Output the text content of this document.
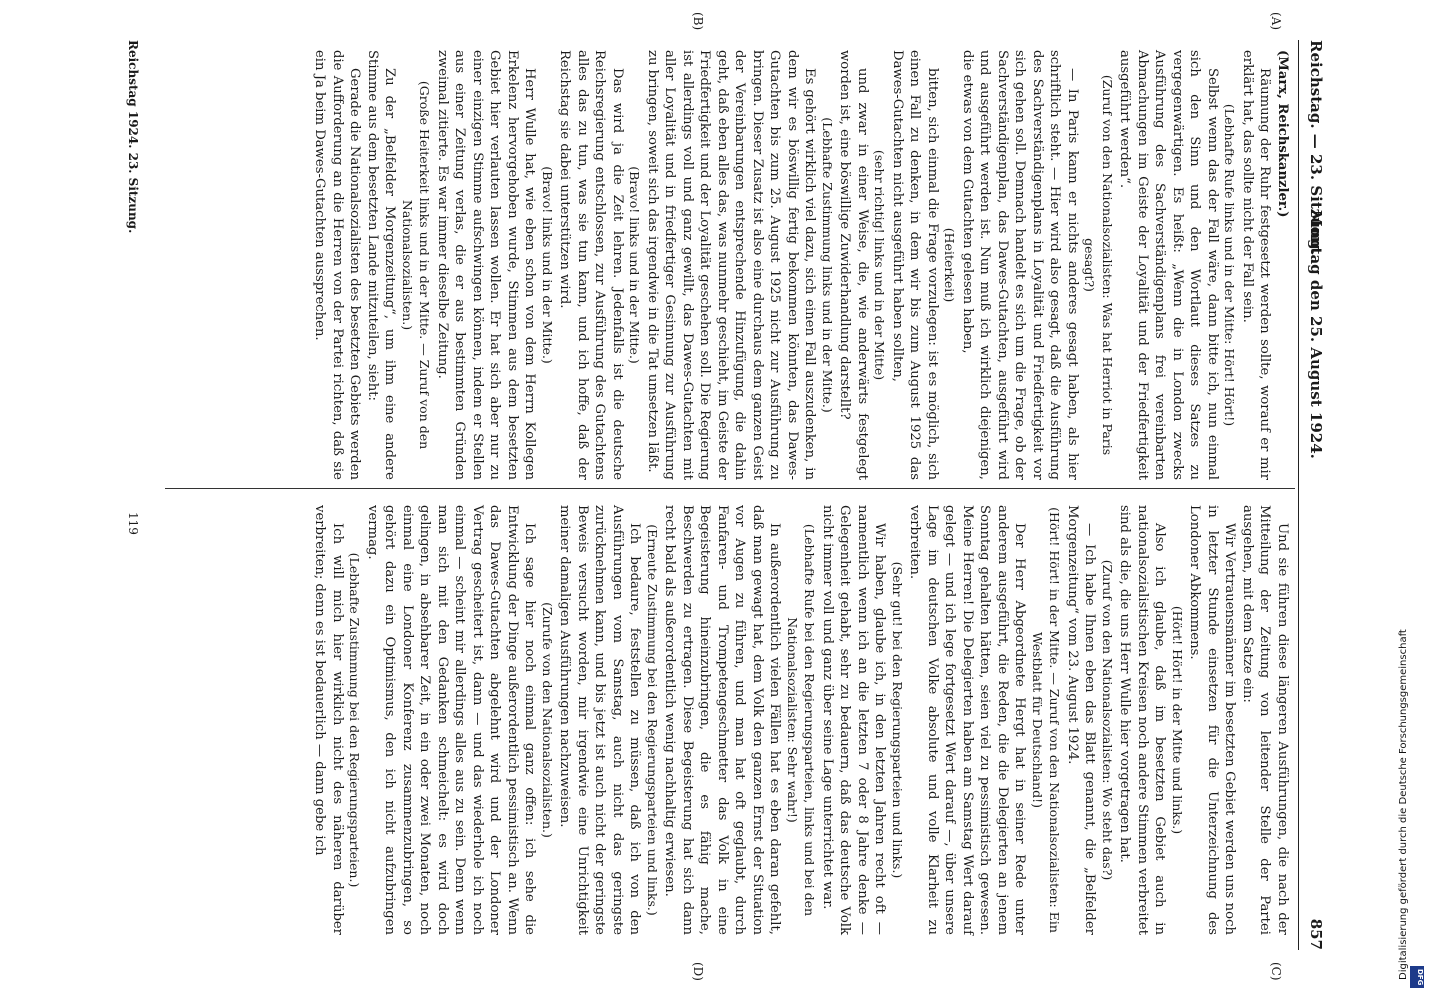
Reichstag. — 23. Sitzung.
Montag den 25. August 1924.
857
(A)
(B)
(C)
(D)

(Marx, Reichskanzler.)

Räumung der Ruhr festgesetzt werden sollte, worauf er mir erklärt hat, das sollte nicht der Fall sein.

(Lebhafte Rufe links und in der Mitte: Hört! Hört!)

Selbst wenn das der Fall wäre, dann bitte ich, nun einmal sich den Sinn und den Wortlaut dieses Satzes zu vergegenwärtigen. Es heißt: „Wenn die in London zwecks Ausführung des Sachverständigenplans frei vereinbarten Abmachungen im Geiste der Loyalität und der Friedfertigkeit ausgeführt werden“.

(Zuruf von den Nationalsozialisten: Was hat Herriot in Paris gesagt?)

— In Paris kann er nichts anderes gesagt haben, als hier schriftlich steht. — Hier wird also gesagt, daß die Ausführung des Sachverständigenplans in Loyalität und Friedfertigkeit vor sich gehen soll. Demnach handelt es sich um die Frage, ob der Sachverständigenplan, das Dawes-Gutachten, ausgeführt wird und ausgeführt werden ist. Nun muß ich wirklich diejenigen, die etwas von dem Gutachten gelesen haben,

(Heiterkeit)

bitten, sich einmal die Frage vorzulegen: ist es möglich, sich einen Fall zu denken, in dem wir bis zum August 1925 das Dawes-Gutachten nicht ausgeführt haben sollten,

(sehr richtig! links und in der Mitte)

und zwar in einer Weise, die, wie anderwärts festgelegt worden ist, eine böswillige Zuwiderhandlung darstellt?

(Lebhafte Zustimmung links und in der Mitte.)

Es gehört wirklich viel dazu, sich einen Fall auszudenken, in dem wir es böswillig fertig bekommen könnten, das Dawes-Gutachten bis zum 25. August 1925 nicht zur Ausführung zu bringen. Dieser Zusatz ist also eine durchaus dem ganzen Geist der Vereinbarungen entsprechende Hinzufügung, die dahin geht, daß eben alles das, was nunmehr geschieht, im Geiste der Friedfertigkeit und der Loyalität geschehen soll. Die Regierung ist allerdings voll und ganz gewillt, das Dawes-Gutachten mit aller Loyalität und in friedfertiger Gesinnung zur Ausführung zu bringen, soweit sich das irgendwie in die Tat umsetzen läßt.

(Bravo! links und in der Mitte.)

Das wird ja die Zeit lehren. Jedenfalls ist die deutsche Reichsregierung entschlossen, zur Ausführung des Gutachtens alles das zu tun, was sie tun kann, und ich hoffe, daß der Reichstag sie dabei unterstützen wird.

(Bravo! links und in der Mitte.)

Herr Wulle hat, wie eben schon von dem Herrn Kollegen Erkelenz hervorgehoben wurde, Stimmen aus dem besetzten Gebiet hier verlauten lassen wollen. Er hat sich aber nur zu einer einzigen Stimme aufschwingen können, indem er Stellen aus einer Zeitung verlas, die er aus bestimmten Gründen zweimal zitierte. Es war immer dieselbe Zeitung.

(Große Heiterkeit links und in der Mitte. — Zuruf von den Nationalsozialisten.)

Zu der „Belfelder Morgenzeitung“, um ihm eine andere Stimme aus dem besetzten Lande mitzuteilen, sieht:

Gerade die Nationalsozialisten des besetzten Gebiets werden die Aufforderung an die Herren von der Partei richten, daß sie ein Ja beim Dawes-Gutachten aussprechen.

Und sie führen diese längeren Ausführungen, die nach der Mitteilung der Zeitung von leitender Stelle der Partei ausgehen, mit dem Satze ein:

Wir Vertrauensmänner im besetzten Gebiet werden uns noch in letzter Stunde einsetzen für die Unterzeichnung des Londoner Abkommens.

(Hört! Hört! in der Mitte und links.)

Also ich glaube, daß im besetzten Gebiet auch in nationalsozialistischen Kreisen noch andere Stimmen verbreitet sind als die, die uns Herr Wulle hier vorgetragen hat.

(Zuruf von den Nationalsozialisten: Wo steht das?)

— Ich habe Ihnen eben das Blatt genannt, die „Belfelder Morgenzeitung“ vom 23. August 1924.

(Hört! Hört! in der Mitte. — Zuruf von den Nationalsozialisten: Ein Westblatt für Deutschland!)

Der Herr Abgeordnete Hergt hat in seiner Rede unter anderem ausgeführt, die Reden, die die Delegierten an jenem Sonntag gehalten hätten, seien viel zu pessimistisch gewesen. Meine Herren! Die Delegierten haben am Samstag Wert darauf gelegt — und ich lege fortgesetzt Wert darauf —, über unsere Lage im deutschen Volke absolute und volle Klarheit zu verbreiten.

(Sehr gut! bei den Regierungsparteien und links.)

Wir haben, glaube ich, in den letzten Jahren recht oft — namentlich wenn ich an die letzten 7 oder 8 Jahre denke — Gelegenheit gehabt, sehr zu bedauern, daß das deutsche Volk nicht immer voll und ganz über seine Lage unterrichtet war.

(Lebhafte Rufe bei den Regierungsparteien, links und bei den Nationalsozialisten: Sehr wahr!)

In außerordentlich vielen Fällen hat es eben daran gefehlt, daß man gewagt hat, dem Volk den ganzen Ernst der Situation vor Augen zu führen, und man hat oft geglaubt, durch Fanfaren- und Trompetengeschmetter das Volk in eine Begeisterung hineinzubringen, die es fähig mache, Beschwerden zu ertragen. Diese Begeisterung hat sich dann recht bald als außerordentlich wenig nachhaltig erwiesen.

(Erneute Zustimmung bei den Regierungsparteien und links.)

Ich bedaure, feststellen zu müssen, daß ich von den Ausführungen vom Samstag, auch nicht das geringste zurücknehmen kann, und bis jetzt ist auch nicht der geringste Beweis versucht worden, mir irgendwie eine Unrichtigkeit meiner damaligen Ausführungen nachzuweisen.

(Zurufe von den Nationalsozialisten.)

Ich sage hier noch einmal ganz offen: ich sehe die Entwicklung der Dinge außerordentlich pessimistisch an. Wenn das Dawes-Gutachten abgelehnt wird und der Londoner Vertrag gescheitert ist, dann — und das wiederhole ich noch einmal — scheint mir allerdings alles aus zu sein. Denn wenn man sich mit den Gedanken schmeichelt: es wird doch gelingen, in absehbarer Zeit, in ein oder zwei Monaten, noch einmal eine Londoner Konferenz zusammenzubringen, so gehört dazu ein Optimismus, den ich nicht aufzubringen vermag.

(Lebhafte Zustimmung bei den Regierungsparteien.)

Ich will mich hier wirklich nicht des näheren darüber verbreiten; denn es ist bedauerlich — dann gebe ich

Reichstag 1924. 23. Sitzung.
119
Digitalisierung gefördert durch die Deutsche Forschungsgemeinschaft	DFG
